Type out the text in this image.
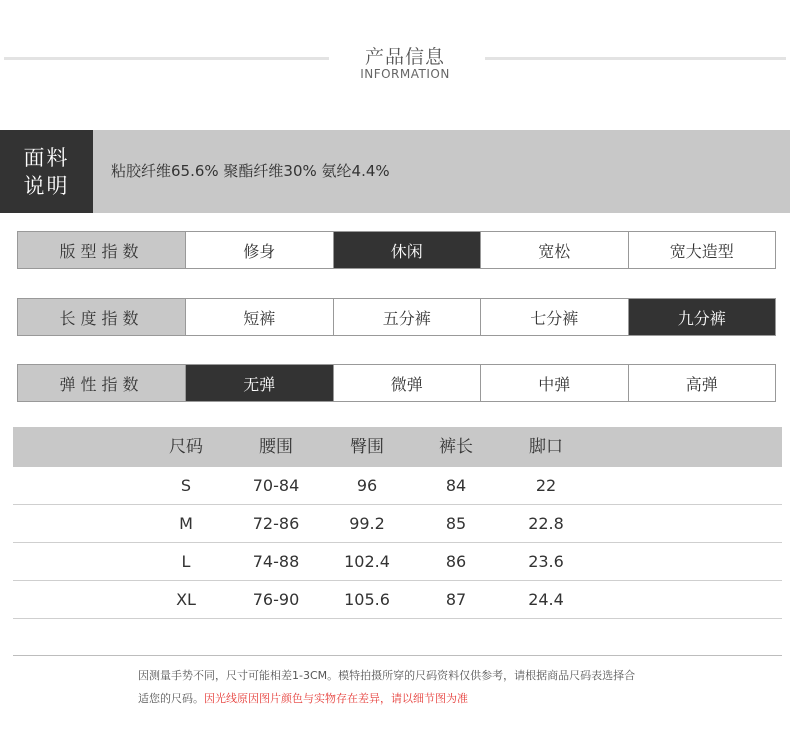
产品信息
INFORMATION
面料
说明
粘胶纤维65.6% 聚酯纤维30% 氨纶4.4%
版型指数	修身	休闲	宽松	宽大造型
长度指数	短裤	五分裤	七分裤	九分裤
弹性指数	无弹	微弹	中弹	高弹
尺码	腰围	臀围	裤长	脚口
S	70-84	96	84	22
M	72-86	99.2	85	22.8
L	74-88	102.4	86	23.6
XL	76-90	105.6	87	24.4
因测量手势不同，尺寸可能相差1-3CM。模特拍摄所穿的尺码资料仅供参考，请根据商品尺码表选择合
适您的尺码。因光线原因图片颜色与实物存在差异，请以细节图为准
